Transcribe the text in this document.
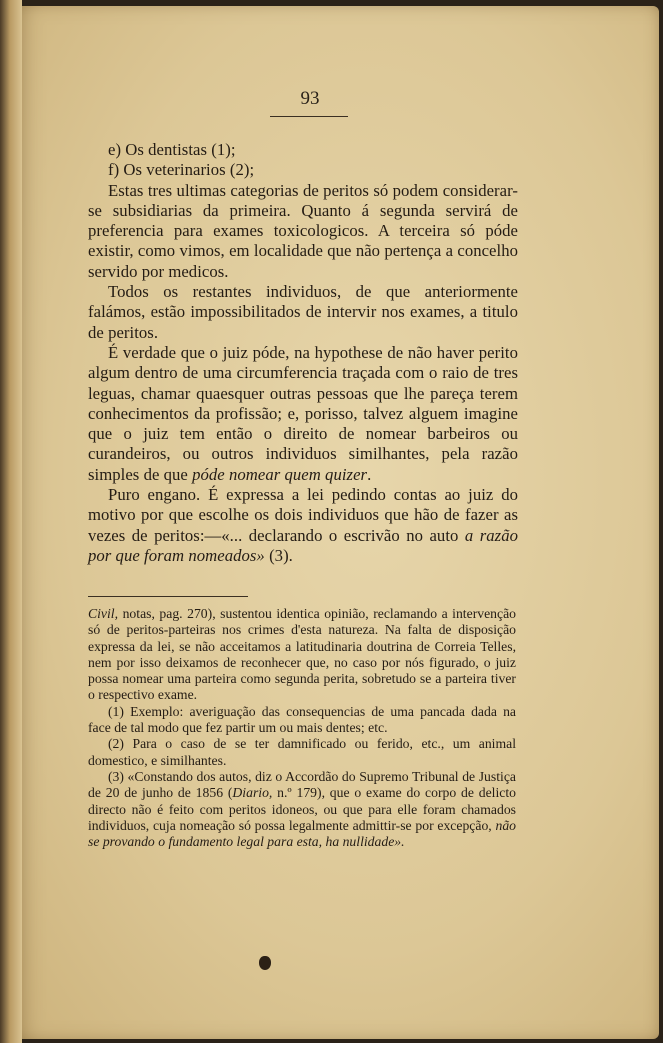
93

e) Os dentistas (1);

f) Os veterinarios (2);

Estas tres ultimas categorias de peritos só podem considerar-se subsidiarias da primeira. Quanto á segunda servirá de preferencia para exames toxicologicos. A terceira só póde existir, como vimos, em localidade que não pertença a concelho servido por medicos.

Todos os restantes individuos, de que anteriormente falámos, estão impossibilitados de intervir nos exames, a titulo de peritos.

É verdade que o juiz póde, na hypothese de não haver perito algum dentro de uma circumferencia traçada com o raio de tres leguas, chamar quaesquer outras pessoas que lhe pareça terem conhecimentos da profissão; e, porisso, talvez alguem imagine que o juiz tem então o direito de nomear barbeiros ou curandeiros, ou outros individuos similhantes, pela razão simples de que póde nomear quem quizer.

Puro engano. É expressa a lei pedindo contas ao juiz do motivo por que escolhe os dois individuos que hão de fazer as vezes de peritos:—«... declarando o escrivão no auto a razão por que foram nomeados» (3).

Civil, notas, pag. 270), sustentou identica opinião, reclamando a intervenção só de peritos-parteiras nos crimes d'esta natureza. Na falta de disposição expressa da lei, se não acceitamos a latitudinaria doutrina de Correia Telles, nem por isso deixamos de reconhecer que, no caso por nós figurado, o juiz possa nomear uma parteira como segunda perita, sobretudo se a parteira tiver o respectivo exame.

(1) Exemplo: averiguação das consequencias de uma pancada dada na face de tal modo que fez partir um ou mais dentes; etc.

(2) Para o caso de se ter damnificado ou ferido, etc., um animal domestico, e similhantes.

(3) «Constando dos autos, diz o Accordão do Supremo Tribunal de Justiça de 20 de junho de 1856 (Diario, n.º 179), que o exame do corpo de delicto directo não é feito com peritos idoneos, ou que para elle foram chamados individuos, cuja nomeação só possa legalmente admittir-se por excepção, não se provando o fundamento legal para esta, ha nullidade».
